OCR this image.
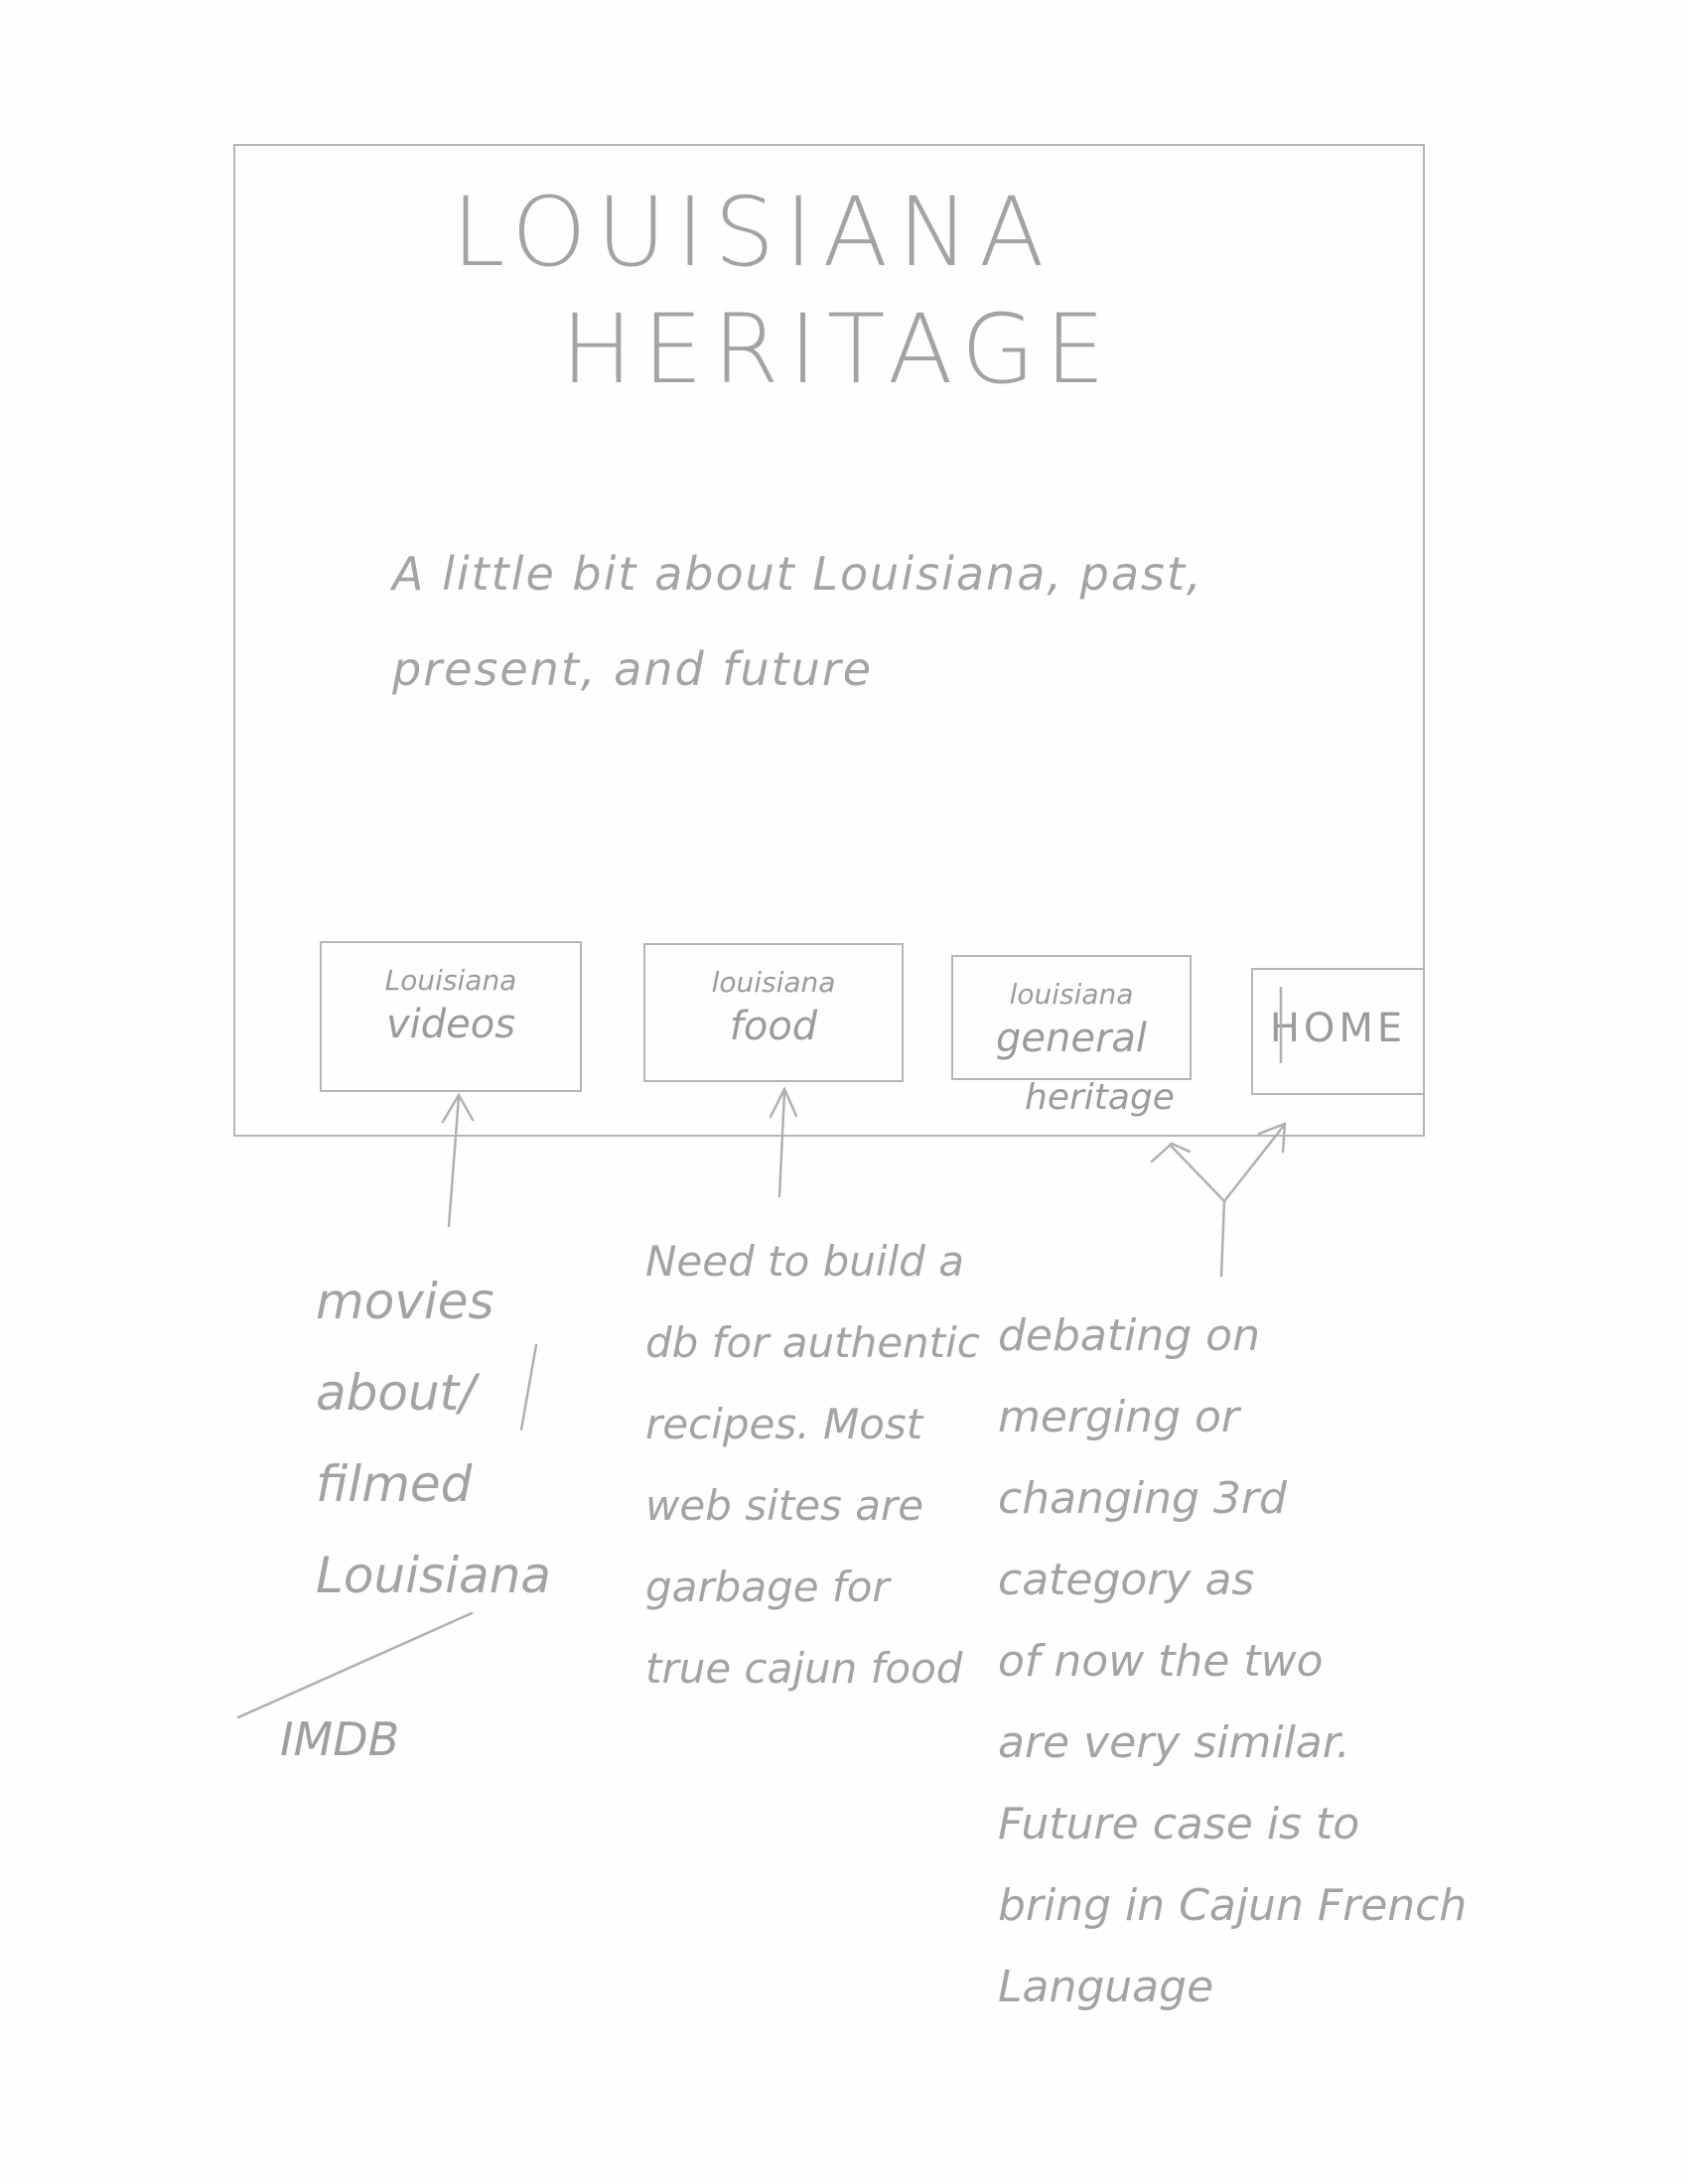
LOUISIANA
HERITAGE
A little bit about Louisiana, past,
present, and future
Louisiana
videos
louisiana
food
louisiana
general
heritage
HOME
movies
about/
filmed
Louisiana
IMDB
Need to build a
db for authentic
recipes. Most
web sites are
garbage for
true cajun food
debating on
merging or
changing 3rd
category as
of now the two
are very similar.
Future case is to
bring in Cajun French
Language
